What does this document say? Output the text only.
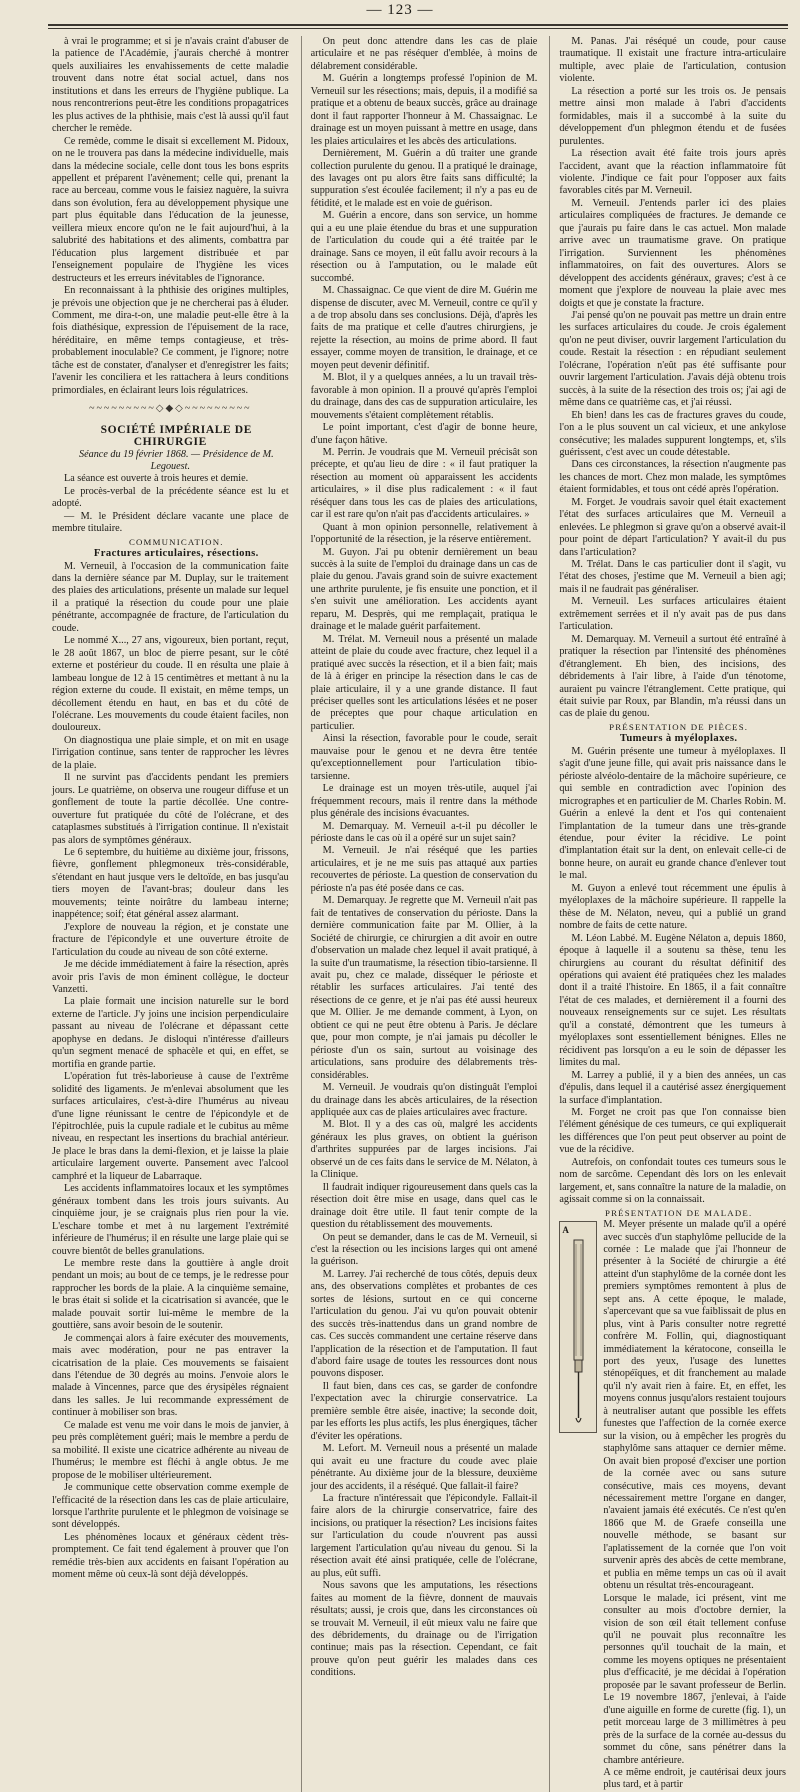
— 123 —

à vrai le programme; et si je n'avais craint d'abuser de la patience de l'Académie, j'aurais cherché à montrer quels auxiliaires les envahissements de cette maladie trouvent dans notre état social actuel, dans nos institutions et dans les erreurs de l'hygiène publique. La nous rencontrerions peut-être les conditions propagatrices les plus actives de la phthisie, mais c'est là aussi qu'il faut chercher le remède.

Ce remède, comme le disait si excellement M. Pidoux, on ne le trouvera pas dans la médecine individuelle, mais dans la médecine sociale, celle dont tous les bons esprits appellent et préparent l'avènement; celle qui, prenant la race au berceau, comme vous le faisiez naguère, la suivra dans son évolution, fera au développement physique une part plus équitable dans l'éducation de la jeunesse, veillera mieux encore qu'on ne le fait aujourd'hui, à la salubrité des habitations et des aliments, combattra par l'éducation plus largement distribuée et par l'enseignement populaire de l'hygiène les vices destructeurs et les erreurs inévitables de l'ignorance.

En reconnaissant à la phthisie des origines multiples, je prévois une objection que je ne chercherai pas à éluder. Comment, me dira-t-on, une maladie peut-elle être à la fois diathésique, expression de l'épuisement de la race, héréditaire, en même temps contagieuse, et très-probablement inoculable? Ce comment, je l'ignore; notre tâche est de constater, d'analyser et d'enregistrer les faits; l'avenir les conciliera et les rattachera à leurs conditions primordiales, en éclairant leurs lois régulatrices.

~~~~~~~~~◇◆◇~~~~~~~~~

SOCIÉTÉ IMPÉRIALE DE CHIRURGIE

Séance du 19 février 1868. — Présidence de M. Legouest.

La séance est ouverte à trois heures et demie.

Le procès-verbal de la précédente séance est lu et adopté.

— M. le Président déclare vacante une place de membre titulaire.

COMMUNICATION.

Fractures articulaires, résections.

M. Verneuil, à l'occasion de la communication faite dans la dernière séance par M. Duplay, sur le traitement des plaies des articulations, présente un malade sur lequel il a pratiqué la résection du coude pour une plaie pénétrante, accompagnée de fracture, de l'articulation du coude.

Le nommé X..., 27 ans, vigoureux, bien portant, reçut, le 28 août 1867, un bloc de pierre pesant, sur le côté externe et postérieur du coude. Il en résulta une plaie à lambeau longue de 12 à 15 centimètres et mettant à nu la région externe du coude. Il existait, en même temps, un décollement étendu en haut, en bas et du côté de l'olécrane. Les mouvements du coude étaient faciles, non douloureux.

On diagnostiqua une plaie simple, et on mit en usage l'irrigation continue, sans tenter de rapprocher les lèvres de la plaie.

Il ne survint pas d'accidents pendant les premiers jours. Le quatrième, on observa une rougeur diffuse et un gonflement de toute la partie décollée. Une contre-ouverture fut pratiquée du côté de l'olécrane, et des cataplasmes substitués à l'irrigation continue. Il n'existait pas alors de symptômes généraux.

Le 6 septembre, du huitième au dixième jour, frissons, fièvre, gonflement phlegmoneux très-considérable, s'étendant en haut jusque vers le deltoïde, en bas jusqu'au tiers moyen de l'avant-bras; douleur dans les mouvements; teinte noirâtre du lambeau interne; inappétence; soif; état général assez alarmant.

J'explore de nouveau la région, et je constate une fracture de l'épicondyle et une ouverture étroite de l'articulation du coude au niveau de son côté externe.

Je me décide immédiatement à faire la résection, après avoir pris l'avis de mon éminent collègue, le docteur Vanzetti.

La plaie formait une incision naturelle sur le bord externe de l'article. J'y joins une incision perpendiculaire passant au niveau de l'olécrane et dépassant cette apophyse en dedans. Je disloqui n'intéresse d'ailleurs qu'un segment menacé de sphacèle et qui, en effet, se mortifia en grande partie.

L'opération fut très-laborieuse à cause de l'extrême solidité des ligaments. Je m'enlevai absolument que les surfaces articulaires, c'est-à-dire l'humérus au niveau d'une ligne réunissant le centre de l'épicondyle et de l'épitrochlée, puis la cupule radiale et le cubitus au même niveau, en respectant les insertions du brachial antérieur. Je place le bras dans la demi-flexion, et je laisse la plaie articulaire largement ouverte. Pansement avec l'alcool camphré et la liqueur de Labarraque.

Les accidents inflammatoires locaux et les symptômes généraux tombent dans les trois jours suivants. Au cinquième jour, je se craignais plus rien pour la vie. L'eschare tombe et met à nu largement l'extrémité inférieure de l'humérus; il en résulte une large plaie qui se couvre bientôt de belles granulations.

Le membre reste dans la gouttière à angle droit pendant un mois; au bout de ce temps, je le redresse pour rapprocher les bords de la plaie. A la cinquième semaine, le bras était si solide et la cicatrisation si avancée, que le malade pouvait sortir lui-même le membre de la gouttière, sans avoir besoin de le soutenir.

Je commençai alors à faire exécuter des mouvements, mais avec modération, pour ne pas entraver la cicatrisation de la plaie. Ces mouvements se faisaient dans l'étendue de 30 degrés au moins. J'envoie alors le malade à Vincennes, parce que des érysipèles régnaient dans les salles. Je lui recommande expressément de continuer à mobiliser son bras.

Ce malade est venu me voir dans le mois de janvier, à peu près complètement guéri; mais le membre a perdu de sa mobilité. Il existe une cicatrice adhérente au niveau de l'humérus; le membre est fléchi à angle obtus. Je me propose de le mobiliser ultérieurement.

Je communique cette observation comme exemple de l'efficacité de la résection dans les cas de plaie articulaire, lorsque l'arthrite purulente et le phlegmon de voisinage se sont développés.

Les phénomènes locaux et généraux cèdent très-promptement. Ce fait tend également à prouver que l'on remédie très-bien aux accidents en faisant l'opération au moment même où ceux-là sont déjà développés.

On peut donc attendre dans les cas de plaie articulaire et ne pas réséquer d'emblée, à moins de délabrement considérable.

M. Guérin a longtemps professé l'opinion de M. Verneuil sur les résections; mais, depuis, il a modifié sa pratique et a obtenu de beaux succès, grâce au drainage dont il faut rapporter l'honneur à M. Chassaignac. Le drainage est un moyen puissant à mettre en usage, dans les plaies articulaires et les abcès des articulations.

Dernièrement, M. Guérin a dû traiter une grande collection purulente du genou. Il a pratiqué le drainage, des lavages ont pu alors être faits sans difficulté; la suppuration s'est écoulée facilement; il n'y a pas eu de fétidité, et le malade est en voie de guérison.

M. Guérin a encore, dans son service, un homme qui a eu une plaie étendue du bras et une suppuration de l'articulation du coude qui a été traitée par le drainage. Sans ce moyen, il eût fallu avoir recours à la résection ou à l'amputation, ou le malade eût succombé.

M. Chassaignac. Ce que vient de dire M. Guérin me dispense de discuter, avec M. Verneuil, contre ce qu'il y a de trop absolu dans ses conclusions. Déjà, d'après les faits de ma pratique et celle d'autres chirurgiens, je rejette la résection, au moins de prime abord. Il faut essayer, comme moyen de transition, le drainage, et ce moyen peut devenir définitif.

M. Blot, il y a quelques années, a lu un travail très-favorable à mon opinion. Il a prouvé qu'après l'emploi du drainage, dans des cas de suppuration articulaire, les mouvements s'étaient complètement rétablis.

Le point important, c'est d'agir de bonne heure, d'une façon hâtive.

M. Perrin. Je voudrais que M. Verneuil précisât son précepte, et qu'au lieu de dire : « il faut pratiquer la résection au moment où apparaissent les accidents articulaires, » il dise plus radicalement : « il faut réséquer dans tous les cas de plaies des articulations, car il est rare qu'on n'ait pas d'accidents articulaires. »

Quant à mon opinion personnelle, relativement à l'opportunité de la résection, je la réserve entièrement.

M. Guyon. J'ai pu obtenir dernièrement un beau succès à la suite de l'emploi du drainage dans un cas de plaie du genou. J'avais grand soin de suivre exactement une arthrite purulente, je fis ensuite une ponction, et il s'en suivit une amélioration. Les accidents ayant reparu, M. Desprès, qui me remplaçait, pratiqua le drainage et le malade guérit parfaitement.

M. Trélat. M. Verneuil nous a présenté un malade atteint de plaie du coude avec fracture, chez lequel il a pratiqué avec succès la résection, et il a bien fait; mais de là à ériger en principe la résection dans le cas de plaie articulaire, il y a une grande distance. Il faut préciser quelles sont les articulations lésées et ne poser de préceptes que pour chaque articulation en particulier.

Ainsi la résection, favorable pour le coude, serait mauvaise pour le genou et ne devra être tentée qu'exceptionnellement pour l'articulation tibio-tarsienne.

Le drainage est un moyen très-utile, auquel j'ai fréquemment recours, mais il rentre dans la méthode plus générale des incisions évacuantes.

M. Demarquay. M. Verneuil a-t-il pu décoller le périoste dans le cas où il a opéré sur un sujet sain?

M. Verneuil. Je n'ai réséqué que les parties articulaires, et je ne me suis pas attaqué aux parties recouvertes de périoste. La question de conservation du périoste n'a pas été posée dans ce cas.

M. Demarquay. Je regrette que M. Verneuil n'ait pas fait de tentatives de conservation du périoste. Dans la dernière communication faite par M. Ollier, à la Société de chirurgie, ce chirurgien a dit avoir en outre d'observation un malade chez lequel il avait pratiqué, à la suite d'un traumatisme, la résection tibio-tarsienne. Il avait pu, chez ce malade, disséquer le périoste et rétablir les surfaces articulaires. J'ai tenté des résections de ce genre, et je n'ai pas été aussi heureux que M. Ollier. Je me demande comment, à Lyon, on obtient ce qui ne peut être obtenu à Paris. Je déclare que, pour mon compte, je n'ai jamais pu décoller le périoste d'un os sain, surtout au voisinage des articulations, sans produire des délabrements très-considérables.

M. Verneuil. Je voudrais qu'on distinguât l'emploi du drainage dans les abcès articulaires, de la résection appliquée aux cas de plaies articulaires avec fracture.

M. Blot. Il y a des cas où, malgré les accidents généraux les plus graves, on obtient la guérison d'arthrites suppurées par de larges incisions. J'ai observé un de ces faits dans le service de M. Nélaton, à la Clinique.

Il faudrait indiquer rigoureusement dans quels cas la résection doit être mise en usage, dans quel cas le drainage doit être utile. Il faut tenir compte de la question du rétablissement des mouvements.

On peut se demander, dans le cas de M. Verneuil, si c'est la résection ou les incisions larges qui ont amené la guérison.

M. Larrey. J'ai recherché de tous côtés, depuis deux ans, des observations complètes et probantes de ces sortes de lésions, surtout en ce qui concerne l'articulation du genou. J'ai vu qu'on pouvait obtenir des succès très-inattendus dans un grand nombre de cas. Ces succès commandent une certaine réserve dans l'application de la résection et de l'amputation. Il faut d'abord faire usage de toutes les ressources dont nous pouvons disposer.

Il faut bien, dans ces cas, se garder de confondre l'expectation avec la chirurgie conservatrice. La première semble être aisée, inactive; la seconde doit, par les efforts les plus actifs, les plus énergiques, tâcher d'éviter les opérations.

M. Lefort. M. Verneuil nous a présenté un malade qui avait eu une fracture du coude avec plaie pénétrante. Au dixième jour de la blessure, deuxième jour des accidents, il a réséqué. Que fallait-il faire?

La fracture n'intéressait que l'épicondyle. Fallait-il faire alors de la chirurgie conservatrice, faire des incisions, ou pratiquer la résection? Les incisions faites sur l'articulation du coude n'ouvrent pas aussi largement l'articulation qu'au niveau du genou. Si la résection avait été ainsi pratiquée, celle de l'olécrane, au plus, eût suffi.

Nous savons que les amputations, les résections faites au moment de la fièvre, donnent de mauvais résultats; aussi, je crois que, dans les circonstances où se trouvait M. Verneuil, il eût mieux valu ne faire que des débridements, du drainage ou de l'irrigation continue; mais pas la résection. Cependant, ce fait prouve qu'on peut guérir les malades dans ces conditions.

M. Panas. J'ai réséqué un coude, pour cause traumatique. Il existait une fracture intra-articulaire multiple, avec plaie de l'articulation, contusion violente.

La résection a porté sur les trois os. Je pensais mettre ainsi mon malade à l'abri d'accidents formidables, mais il a succombé à la suite du développement d'un phlegmon étendu et de fusées purulentes.

La résection avait été faite trois jours après l'accident, avant que la réaction inflammatoire fût violente. J'indique ce fait pour l'opposer aux faits favorables cités par M. Verneuil.

M. Verneuil. J'entends parler ici des plaies articulaires compliquées de fractures. Je demande ce que j'aurais pu faire dans le cas actuel. Mon malade arrive avec un traumatisme grave. On pratique l'irrigation. Surviennent les phénomènes inflammatoires, on fait des ouvertures. Alors se développent des accidents généraux, graves; c'est à ce moment que j'explore de nouveau la plaie avec mes doigts et que je constate la fracture.

J'ai pensé qu'on ne pouvait pas mettre un drain entre les surfaces articulaires du coude. Je crois également qu'on ne peut diviser, ouvrir largement l'articulation du coude. Restait la résection : en répudiant seulement l'olécrane, l'opération n'eût pas été suffisante pour ouvrir largement l'articulation. J'avais déjà obtenu trois succès, à la suite de la résection des trois os; j'ai agi de même dans ce quatrième cas, et j'ai réussi.

Eh bien! dans les cas de fractures graves du coude, l'on a le plus souvent un cal vicieux, et une ankylose consécutive; les malades suppurent longtemps, et, s'ils guérissent, c'est avec un coude détestable.

Dans ces circonstances, la résection n'augmente pas les chances de mort. Chez mon malade, les symptômes étaient formidables, et tous ont cédé après l'opération.

M. Forget. Je voudrais savoir quel était exactement l'état des surfaces articulaires que M. Verneuil a enlevées. Le phlegmon si grave qu'on a observé avait-il pour point de départ l'articulation? Y avait-il du pus dans l'articulation?

M. Trélat. Dans le cas particulier dont il s'agit, vu l'état des choses, j'estime que M. Verneuil a bien agi; mais il ne faudrait pas généraliser.

M. Verneuil. Les surfaces articulaires étaient extrêmement serrées et il n'y avait pas de pus dans l'articulation.

M. Demarquay. M. Verneuil a surtout été entraîné à pratiquer la résection par l'intensité des phénomènes d'étranglement. Eh bien, des incisions, des débridements à l'air libre, à l'aide d'un ténotome, auraient pu vaincre l'étranglement. Cette pratique, qui était suivie par Roux, par Blandin, m'a réussi dans un cas de plaie du genou.

PRÉSENTATION DE PIÈCES.

Tumeurs à myéloplaxes.

M. Guérin présente une tumeur à myéloplaxes. Il s'agit d'une jeune fille, qui avait pris naissance dans le périoste alvéolo-dentaire de la mâchoire supérieure, ce qui semble en contradiction avec l'opinion des micrographes et en particulier de M. Charles Robin. M. Guérin a enlevé la dent et l'os qui contenaient l'implantation de la tumeur dans une très-grande étendue, pour éviter la récidive. Le point d'implantation était sur la dent, on enlevait celle-ci de bonne heure, on aurait eu grande chance d'enlever tout le mal.

M. Guyon a enlevé tout récemment une épulis à myéloplaxes de la mâchoire supérieure. Il rappelle la thèse de M. Nélaton, neveu, qui a publié un grand nombre de faits de cette nature.

M. Léon Labbé. M. Eugène Nélaton a, depuis 1860, époque à laquelle il a soutenu sa thèse, tenu les chirurgiens au courant du résultat définitif des opérations qui avaient été pratiquées chez les malades dont il a traité l'histoire. En 1865, il a fait connaître l'état de ces malades, et dernièrement il a fourni des nouveaux renseignements sur ce sujet. Les résultats qu'il a constaté, démontrent que les tumeurs à myéloplaxes sont essentiellement bénignes. Elles ne récidivent pas lorsqu'on a eu le soin de dépasser les limites du mal.

M. Larrey a publié, il y a bien des années, un cas d'épulis, dans lequel il a cautérisé assez énergiquement la surface d'implantation.

M. Forget ne croit pas que l'on connaisse bien l'élément génésique de ces tumeurs, ce qui expliquerait les différences que l'on peut peut observer au point de vue de la récidive.

Autrefois, on confondait toutes ces tumeurs sous le nom de sarcôme. Cependant dès lors on les enlevait largement, et, sans connaître la nature de la maladie, on agissait comme si on la connaissait.

PRÉSENTATION DE MALADE.

A	M. Meyer présente un malade qu'il a opéré avec succès d'un staphylôme pellucide de la cornée : Le malade que j'ai l'honneur de présenter à la Société de chirurgie a été atteint d'un staphylôme de la cornée dont les premiers symptômes remontent à plus de sept ans. A cette époque, le malade, s'apercevant que sa vue faiblissait de plus en plus, vint à Paris consulter notre regretté confrère M. Follin, qui, diagnostiquant immédiatement la kératocone, conseilla le port des yeux, l'usage des lunettes sténopéïques, et dit franchement au malade qu'il n'y avait rien à faire. Et, en effet, les moyens connus jusqu'alors restaient toujours à neutraliser autant que possible les effets funestes que l'affection de la cornée exerce sur la vision, ou à empêcher les progrès du staphylôme sans attaquer ce dernier même. On avait bien proposé d'exciser une portion de la cornée avec ou sans suture consécutive, mais ces moyens, devant nécessairement mettre l'organe en danger, n'avaient jamais été exécutés. Ce n'est qu'en 1866 que M. de Graefe conseilla une nouvelle méthode, se basant sur l'aplatissement de la cornée que l'on voit survenir après des abcès de cette membrane, et publia en même temps un cas où il avait obtenu un résultat très-encourageant.

Lorsque le malade, ici présent, vint me consulter au mois d'octobre dernier, la vision de son œil était tellement confuse qu'il ne pouvait plus reconnaître les personnes qu'il touchait de la main, et comme les moyens optiques ne présentaient plus d'efficacité, je me décidai à l'opération proposée par le savant professeur de Berlin. Le 19 novembre 1867, j'enlevai, à l'aide d'une aiguille en forme de curette (fig. 1), un petit morceau large de 3 millimètres à peu près de la surface de la cornée au-dessus du sommet du cône, sans pénétrer dans la chambre antérieure.

A ce même endroit, je cautérisai deux jours plus tard, et à partir
